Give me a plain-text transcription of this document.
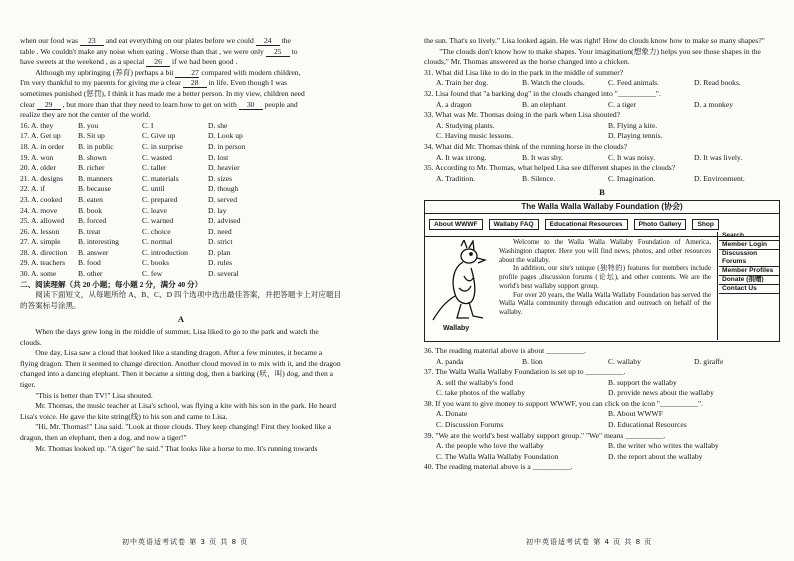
when our food was 23 and eat everything on our plates before we could 24 the

table . We couldn't make any noise when eating . Worse than that , we were only 25 to

have sweets at the weekend , as a special 26 if we had been good .

Although my upbringing (养育) perhaps a bit 27 compared with modern children,

I'm very thankful to my parents for giving me a clear 28 in life. Even though I was

sometimes punished (惩罚), I think it has made me a better person. In my view, children need

clear 29 , but more than that they need to learn how to get on with 30 people and

realize they are not the center of the world.

16. A. they	B. you	C. I	D. she
17. A. Get up	B. Sit up	C. Give up	D. Look up
18. A. in order	B. in public	C. in surprise	D. in person
19. A. won	B. shown	C. wasted	D. lost
20. A. older	B. richer	C. taller	D. heavier
21. A. designs	B. manners	C. materials	D. sizes
22. A. if	B. because	C. until	D. though
23. A. cooked	B. eaten	C. prepared	D. served
24. A. move	B. book	C. leave	D. lay
25. A. allowed	B. forced	C. warned	D. advised
26. A. lesson	B. treat	C. choice	D. need
27. A. simple	B. interesting	C. normal	D. strict
28. A. direction	B. answer	C. introduction	D. plan
29. A. teachers	B. food	C. books	D. rules
30. A. some	B. other	C. few	D. several

二、阅读理解（共 20 小题；每小题 2 分，满分 40 分）

阅读下面短文，从每题所给 A、B、C、D 四个选项中选出最佳答案，并把答题卡上对应题目的答案标号涂黑。

A

When the days grew long in the middle of summer, Lisa liked to go to the park and watch the clouds.

One day, Lisa saw a cloud that looked like a standing dragon. After a few minutes, it became a flying dragon. Then it seemed to change direction. Another cloud moved in to mix with it, and the dragon changed into a dancing elephant. Then it became a sitting dog, then a barking (吠，叫) dog, and then a tiger.

"This is better than TV!" Lisa shouted.

Mr. Thomas, the music teacher at Lisa's school, was flying a kite with his son in the park. He heard Lisa's voice. He gave the kite string(线) to his son and came to Lisa.

"Hi, Mr. Thomas!" Lisa said. "Look at those clouds. They keep changing! First they looked like a dragon, then an elephant, then a dog, and now a tiger!"

Mr. Thomas looked up. "A tiger" he said." That looks like a horse to me. It's running towards

初中英语适考试卷 第 3 页 共 8 页

the sun. That's so lively." Lisa looked again. He was right! How do clouds know how to make so many shapes?"

"The clouds don't know how to make shapes. Your imagination(想象力) helps you see those shapes in the clouds," Mr. Thomas answered as the horse changed into a chicken.

31. What did Lisa like to do in the park in the middle of summer?

A. Train her dog.	B. Watch the clouds.	C. Feed animals.	D. Read books.

32. Lisa found that "a barking dog" in the clouds changed into "__________".

A. a dragon	B. an elephant	C. a tiger	D. a monkey

33. What was Mr. Thomas doing in the park when Lisa shouted?

A. Studying plants.	B. Flying a kite.
C. Having music lessons.	D. Playing tennis.

34. What did Mr. Thomas think of the running horse in the clouds?

A. It was strong.	B. It was shy.	C. It was noisy.	D. It was lively.

35. According to Mr. Thomas, what helped Lisa see different shapes in the clouds?

A. Tradition.	B. Silence.	C. Imagination.	D. Environment.

B

The Walla Walla Wallaby Foundation (协会)
About WWWF	Wallaby FAQ	Educational Resources	Photo Gallery	Shop
Wallaby

Welcome to the Walla Walla Wallaby Foundation of America, Washington chapter. Here you will find news, photos, and other resources about the wallaby.

In addition, our site's unique (独特的) features for members include profile pages ,discussion forums (论坛), and other contents. We are the world's best wallaby support group.

For over 20 years, the Walla Walla Wallaby Foundation has served the Walla Walla community through education and outreach on behalf of the wallaby.

Search
Member Login
Discussion Forums
Member Profiles
Donate (捐赠)
Contact Us

36. The reading material above is about __________.

A. panda	B. lion	C. wallaby	D. giraffe

37. The Walla Walla Wallaby Foundation is set up to __________.

A. sell the wallaby's food	B. support the wallaby
C. take photos of the wallaby	D. provide news about the wallaby

38. If you want to give money to support WWWF, you can click on the icon "__________".

A. Donate	B. About WWWF
C. Discussion Forums	D. Educational Resources

39. "We are the world's best wallaby support group." "We" means __________.

A. the people who love the wallaby	B. the writer who writes the wallaby
C. The Walla Walla Wallaby Foundation	D. the report about the wallaby

40. The reading material above is a __________.

初中英语适考试卷 第 4 页 共 8 页
